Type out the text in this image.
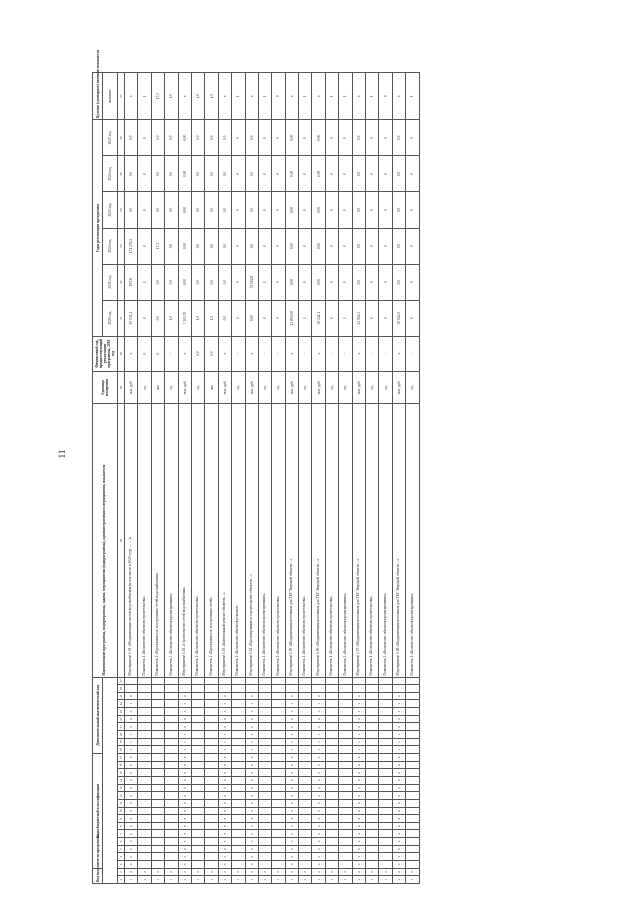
11
Код исполнителя программы		Коды бюджетной классификации															Дополнительный аналитический код										Наименование программы, подпрограммы, задачи, мероприятия (подпрограммы), административного мероприятия, показателя	Единица измерения	Финансовый год, предшествующий реализации программы, 2019 год	Годы реализации программы						Целевое (суммарное) значение показателя
																														2020 год	2021 год	2022 год	2023 год	2024 год	2025 год	значение
1	2	3	4	5	6	7	8	9	10	11	12	13	14	15	16	17	18	19	20	21	22	23	24	25	26	27	28	29	30	31	32	33	34	35	36	37
1	2	0	5	0	3	0	0	8	0	0	0	0	0	0	0	0	1	1	1	0	0	3	1	0			Мероприятие 1.01 «Модернизация систем водоснабжения (в том числе в 2020 году — …)»	тыс. руб.	х	87 532,4	197,8	171 276,2	0,0	0,0	0,0	х
1	2																										Показатель 1 «Количество объектов строительства»	ед.	0	0	1	0	0	0	0	1
1	2																										Показатель 2 «Протяженность построенных сетей водоснабжения»	км	0	0,0	0,0	17,1	0,0	0,0	0,0	17,1
1	2																										Показатель 3 «Количество объектов проектирования»	ед.	-	1,0	0,0	0,0	0,0	0,0	0,0	1,0
1	2	0	5	0	3	0	0	8	0	0	0	0	0	0	0	0	1	1	1	0	0	3	1	0			Мероприятие 1.02 «Строительство сетей водоснабжения»	тыс. руб.	х	7 203,70	0,00	0,00	0,00	0,00	0,00	х
1	2																										Показатель 1 «Количество объектов строительства»	ед.	0,0	1,0	0,0	0,0	0,0	0,0	0,0	1,0
1	2																										Показатель 2 «Протяженность построенных сетей»	км	0,0	1,5	0,0	0,0	0,0	0,0	0,0	1,5
1	2	0	5	0	3	0	0	8	0	0	0	0	0	0	0	0	1	1	1	0	0	3	1	0			Мероприятие 1.03 «Капитальный ремонт объектов…»	тыс. руб.	х	0,0	0,0	0,0	0,0	0,0	0,0	х
1	2																										Показатель 1 «Количество объектов ремонта»	ед.	-	1	0	0	0	0	0	1
1	2	0	5	0	3	0	0	8	0	0	0	0	0	0	0	0	1	1	1	0	0	3	1	0			Мероприятие 1.04 «Проектирование и строительство объектов…»	тыс. руб.	х	0,00	72 002,8	0,0	0,0	0,0	0,0	х
1	2																										Показатель 1 «Количество объектов проектирования»	ед.	-	0	1	0	0	0	0	1
1	2																										Показатель 2 «Количество объектов строительства»	ед.	-	0	0	0	0	0	0	0
1	2	0	5	0	3	0	0	8	0	0	0	0	0	0	0	0	1	1	1	0	0	3	1	0			Мероприятие 1.05 «Модернизация котельных для ТБУ Тверской области…»	тыс. руб.	х	23 855,00	0,00	0,00	0,00	0,00	0,00	х
1	2																										Показатель 1 «Количество объектов строительства»	ед.	-	1	0	0	0	0	0	1
1	2	0	5	0	3	0	0	8	0	0	0	0	0	0	0	0	1	1	1	0	0	3	1	0			Мероприятие 1.06 «Модернизация котельных для ТБУ Тверской области…»	тыс. руб.	х	30 144,1	0,00	0,00	0,00	0,00	0,00	х
1	2																										Показатель 1 «Количество объектов строительства»	ед.	-	1	0	0	0	0	0	1
1	2																										Показатель 2 «Количество объектов проектирования»	ед.	-	1	0	0	0	0	0	1
1	2	0	5	0	3	0	0	8	0	0	0	0	0	0	0	0	1	1	1	0	0	3	1	0			Мероприятие 1.07 «Модернизация котельных для ТБУ Тверской области…»	тыс. руб.	х	23 952,3	0,0	0,0	0,0	0,0	0,0	х
1	2																										Показатель 1 «Количество объектов строительства»	ед.	-	1	0	0	0	0	0	1
1	2																										Показатель 2 «Количество объектов проектирования»	ед.	-	0	0	0	0	0	0	0
1	2	0	5	0	3	0	0	8	0	0	0	0	0	0	0	0	1	1	1	0	0	3	1	0			Мероприятие 1.08 «Модернизация котельных для ТБУ Тверской области…»	тыс. руб.	х	30 022,0	0,0	0,0	0,0	0,0	0,0	х
1	2																										Показатель 1 «Количество объектов проектирования»	ед.	-	1	0	0	0	0	0	1
